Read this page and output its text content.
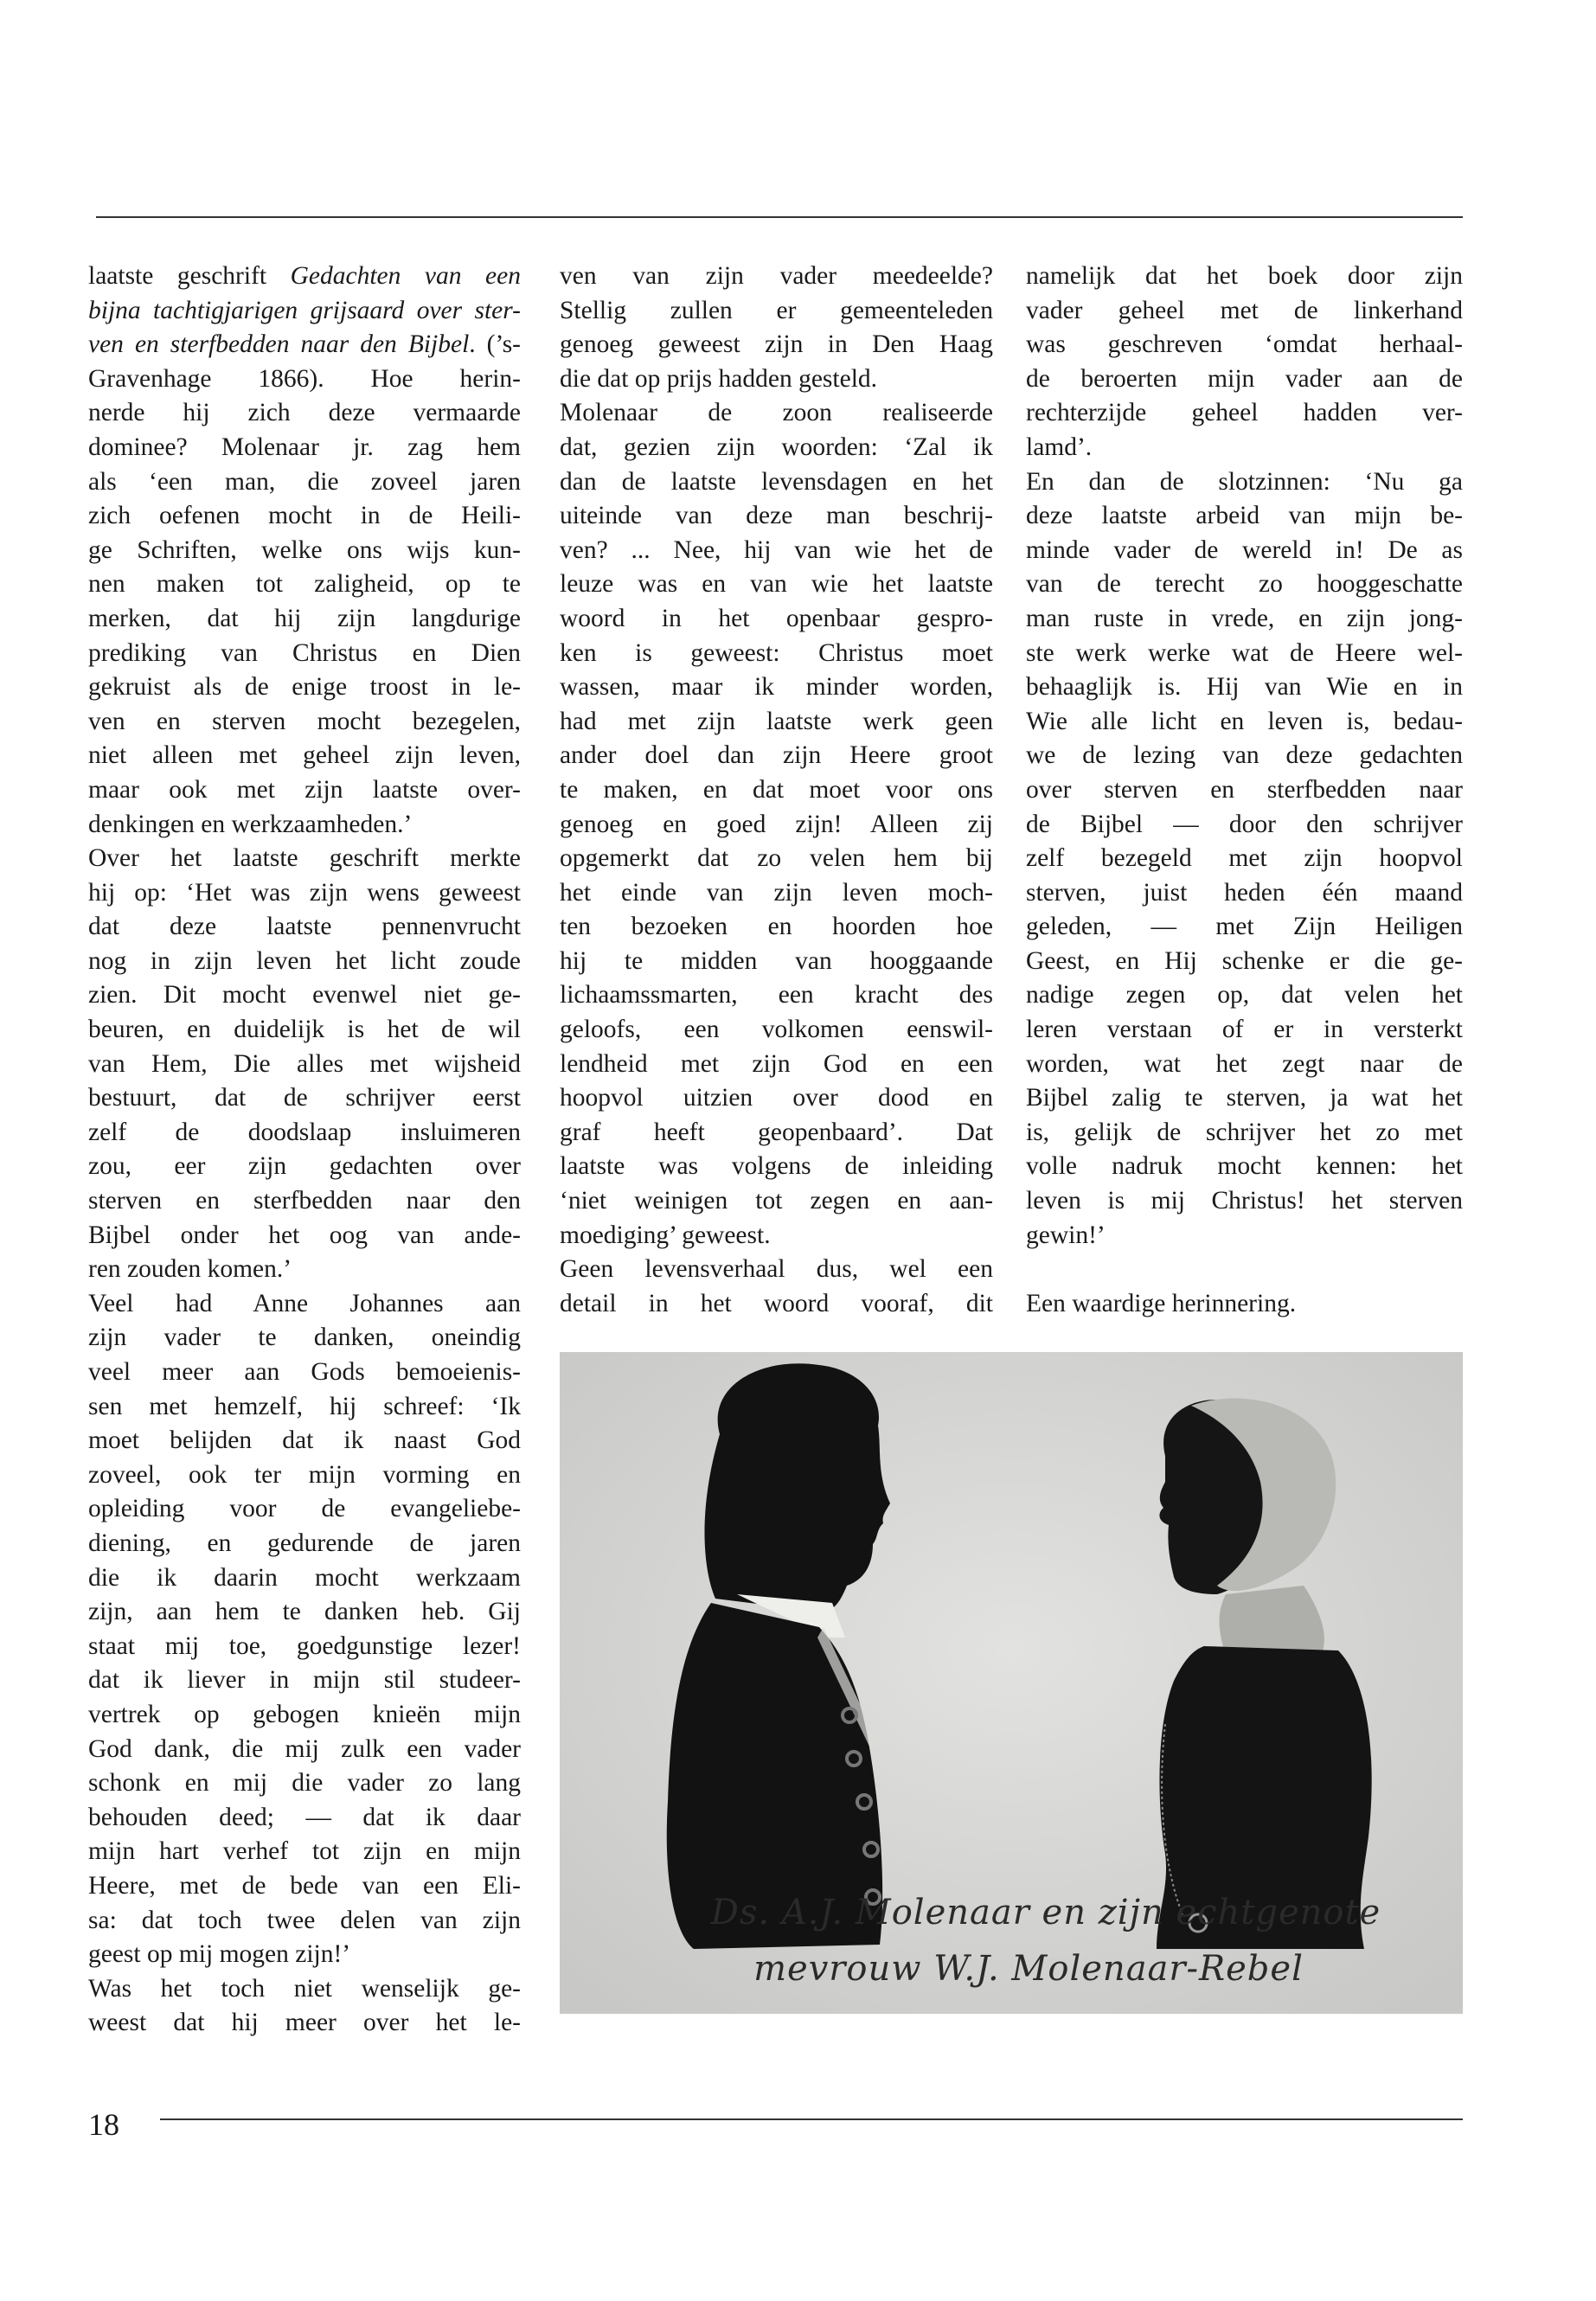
laatste geschrift Gedachten van een
bijna tachtigjarigen grijsaard over ster-
ven en sterfbedden naar den Bijbel. (’s-
Gravenhage 1866). Hoe herin-
nerde hij zich deze vermaarde
dominee? Molenaar jr. zag hem
als ‘een man, die zoveel jaren
zich oefenen mocht in de Heili-
ge Schriften, welke ons wijs kun-
nen maken tot zaligheid, op te
merken, dat hij zijn langdurige
prediking van Christus en Dien
gekruist als de enige troost in le-
ven en sterven mocht bezegelen,
niet alleen met geheel zijn leven,
maar ook met zijn laatste over-
denkingen en werkzaamheden.’
Over het laatste geschrift merkte
hij op: ‘Het was zijn wens geweest
dat deze laatste pennenvrucht
nog in zijn leven het licht zoude
zien. Dit mocht evenwel niet ge-
beuren, en duidelijk is het de wil
van Hem, Die alles met wijsheid
bestuurt, dat de schrijver eerst
zelf de doodslaap insluimeren
zou, eer zijn gedachten over
sterven en sterfbedden naar den
Bijbel onder het oog van ande-
ren zouden komen.’
Veel had Anne Johannes aan
zijn vader te danken, oneindig
veel meer aan Gods bemoeienis-
sen met hemzelf, hij schreef: ‘Ik
moet belijden dat ik naast God
zoveel, ook ter mijn vorming en
opleiding voor de evangeliebe-
diening, en gedurende de jaren
die ik daarin mocht werkzaam
zijn, aan hem te danken heb. Gij
staat mij toe, goedgunstige lezer!
dat ik liever in mijn stil studeer-
vertrek op gebogen knieën mijn
God dank, die mij zulk een vader
schonk en mij die vader zo lang
behouden deed; — dat ik daar
mijn hart verhef tot zijn en mijn
Heere, met de bede van een Eli-
sa: dat toch twee delen van zijn
geest op mij mogen zijn!’
Was het toch niet wenselijk ge-
weest dat hij meer over het le-
ven van zijn vader meedeelde?
Stellig zullen er gemeenteleden
genoeg geweest zijn in Den Haag
die dat op prijs hadden gesteld.
Molenaar de zoon realiseerde
dat, gezien zijn woorden: ‘Zal ik
dan de laatste levensdagen en het
uiteinde van deze man beschrij-
ven? ... Nee, hij van wie het de
leuze was en van wie het laatste
woord in het openbaar gespro-
ken is geweest: Christus moet
wassen, maar ik minder worden,
had met zijn laatste werk geen
ander doel dan zijn Heere groot
te maken, en dat moet voor ons
genoeg en goed zijn! Alleen zij
opgemerkt dat zo velen hem bij
het einde van zijn leven moch-
ten bezoeken en hoorden hoe
hij te midden van hooggaande
lichaamssmarten, een kracht des
geloofs, een volkomen eenswil-
lendheid met zijn God en een
hoopvol uitzien over dood en
graf heeft geopenbaard’. Dat
laatste was volgens de inleiding
‘niet weinigen tot zegen en aan-
moediging’ geweest.
Geen levensverhaal dus, wel een
detail in het woord vooraf, dit
namelijk dat het boek door zijn
vader geheel met de linkerhand
was geschreven ‘omdat herhaal-
de beroerten mijn vader aan de
rechterzijde geheel hadden ver-
lamd’.
En dan de slotzinnen: ‘Nu ga
deze laatste arbeid van mijn be-
minde vader de wereld in! De as
van de terecht zo hooggeschatte
man ruste in vrede, en zijn jong-
ste werk werke wat de Heere wel-
behaaglijk is. Hij van Wie en in
Wie alle licht en leven is, bedau-
we de lezing van deze gedachten
over sterven en sterfbedden naar
de Bijbel — door den schrijver
zelf bezegeld met zijn hoopvol
sterven, juist heden één maand
geleden, — met Zijn Heiligen
Geest, en Hij schenke er die ge-
nadige zegen op, dat velen het
leren verstaan of er in versterkt
worden, wat het zegt naar de
Bijbel zalig te sterven, ja wat het
is, gelijk de schrijver het zo met
volle nadruk mocht kennen: het
leven is mij Christus! het sterven
gewin!’
Een waardige herinnering.
Ds. A.J. Molenaar en zijn echtgenote
mevrouw W.J. Molenaar-Rebel
18
